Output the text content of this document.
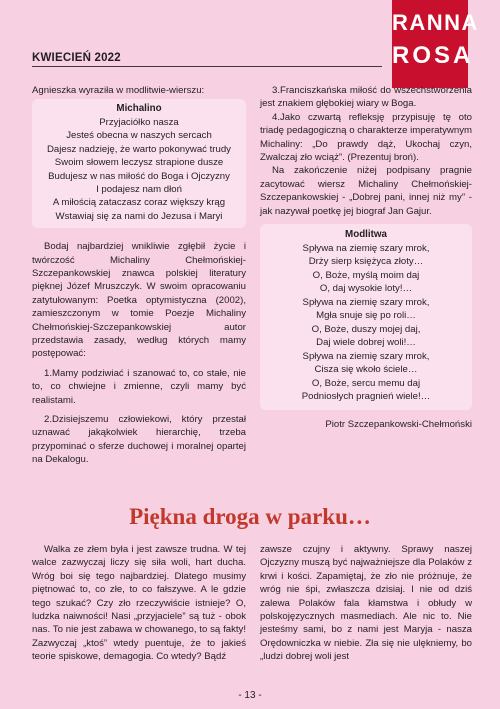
KWIECIEŃ 2022
RANNA
ROSA

Agnieszka wyraziła w modlitwie-wierszu:

Michalino
Przyjaciółko nasza
Jesteś obecna w naszych sercach
Dajesz nadzieję, że warto pokonywać trudy
Swoim słowem leczysz strapione dusze
Budujesz w nas miłość do Boga i Ojczyzny
I podajesz nam dłoń
A miłością zataczasz coraz większy krąg
Wstawiaj się za nami do Jezusa i Maryi

Bodaj najbardziej wnikliwie zgłębił życie i twórczość Michaliny Chełmońskiej-Szczepankowskiej znawca polskiej literatury pięknej Józef Mruszczyk. W swoim opracowaniu zatytułowanym: Poetka optymistyczna (2002), zamieszczonym w tomie Poezje Michaliny Chełmońskiej-Szczepankowskiej autor przedstawia zasady, według których mamy postępować:

1.Mamy podziwiać i szanować to, co stałe, nie to, co chwiejne i zmienne, czyli mamy być realistami.

2.Dzisiejszemu człowiekowi, który przestał uznawać jakąkolwiek hierarchię, trzeba przypominać o sferze duchowej i moralnej opartej na Dekalogu.

3.Franciszkańska miłość do wszechstworzenia jest znakiem głębokiej wiary w Boga.

4.Jako czwartą refleksję przypisuję tę oto triadę pedagogiczną o charakterze imperatywnym Michaliny: „Do prawdy dąż, Ukochaj czyn, Zwalczaj zło wciąż”. (Prezentuj broń).

Na zakończenie niżej podpisany pragnie zacytować wiersz Michaliny Chełmońskiej-Szczepankowskiej - „Dobrej pani, innej niż my” - jak nazywał poetkę jej biograf Jan Gajur.

Modlitwa
Spływa na ziemię szary mrok,
Drży sierp księżyca złoty…
O, Boże, myślą moim daj
O, daj wysokie loty!…
Spływa na ziemię szary mrok,
Mgła snuje się po roli…
O, Boże, duszy mojej daj,
Daj wiele dobrej woli!…
Spływa na ziemię szary mrok,
Cisza się wkoło ściele…
O, Boże, sercu memu daj
Podniosłych pragnień wiele!…
Piotr Szczepankowski-Chełmoński
Piękna droga w parku…

Walka ze złem była i jest zawsze trudna. W tej walce zazwyczaj liczy się siła woli, hart ducha. Wróg boi się tego najbardziej. Dlatego musimy piętnować to, co złe, to co fałszywe. A le gdzie tego szukać? Czy zło rzeczywiście istnieje? O, ludzka naiwności! Nasi „przyjaciele” są tuż - obok nas. To nie jest zabawa w chowanego, to są fakty! Zazwyczaj „ktoś” wtedy puentuje, że to jakieś teorie spiskowe, demagogia. Co wtedy? Bądź

zawsze czujny i aktywny. Sprawy naszej Ojczyzny muszą być najważniejsze dla Polaków z krwi i kości. Zapamiętaj, że zło nie próżnuje, że wróg nie śpi, zwłaszcza dzisiaj. I nie od dziś zalewa Polaków fala kłamstwa i obłudy w polskojęzycznych masmediach. Ale nic to. Nie jesteśmy sami, bo z nami jest Maryja - nasza Orędowniczka w niebie. Zła się nie ulękniemy, bo „ludzi dobrej woli jest

- 13 -
